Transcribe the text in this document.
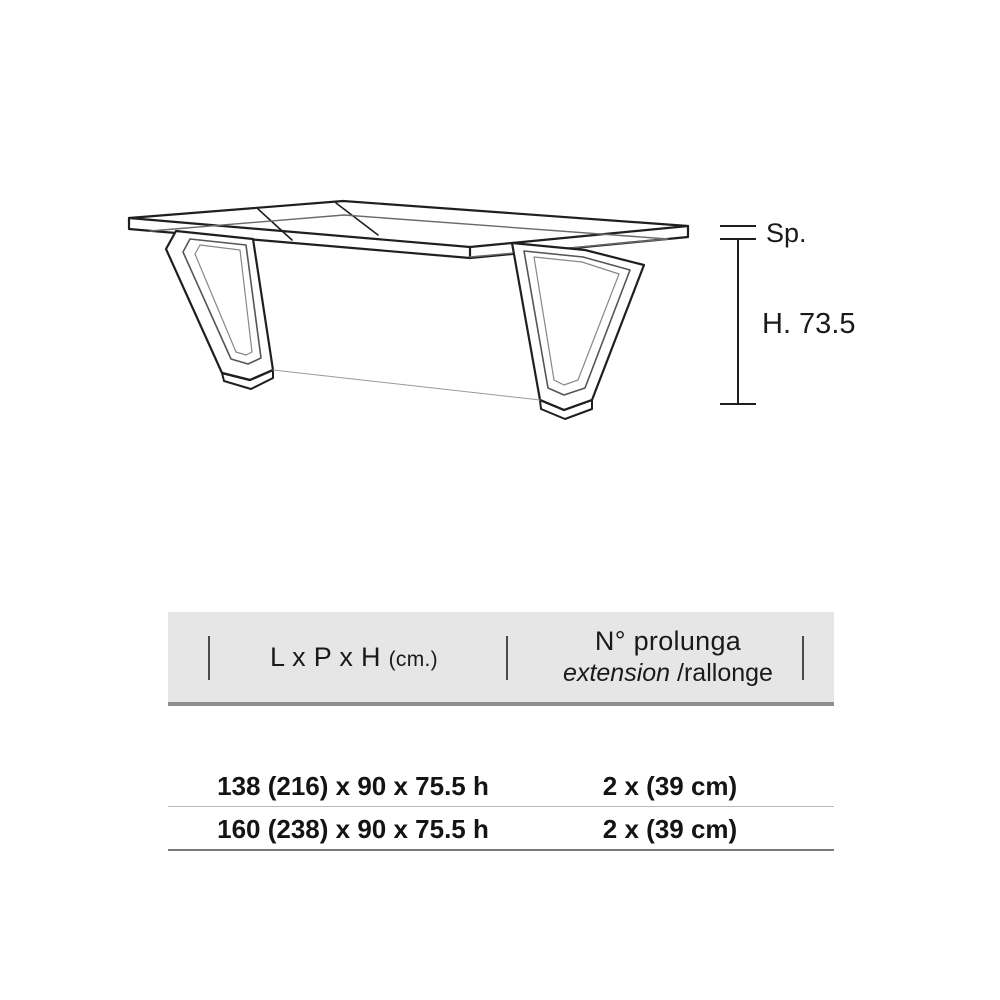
Sp.
H. 73.5
L x P x H (cm.)
N° prolunga
extension /rallonge
138 (216) x 90 x 75.5 h	2 x (39 cm)
160 (238) x 90 x 75.5 h	2 x (39 cm)
